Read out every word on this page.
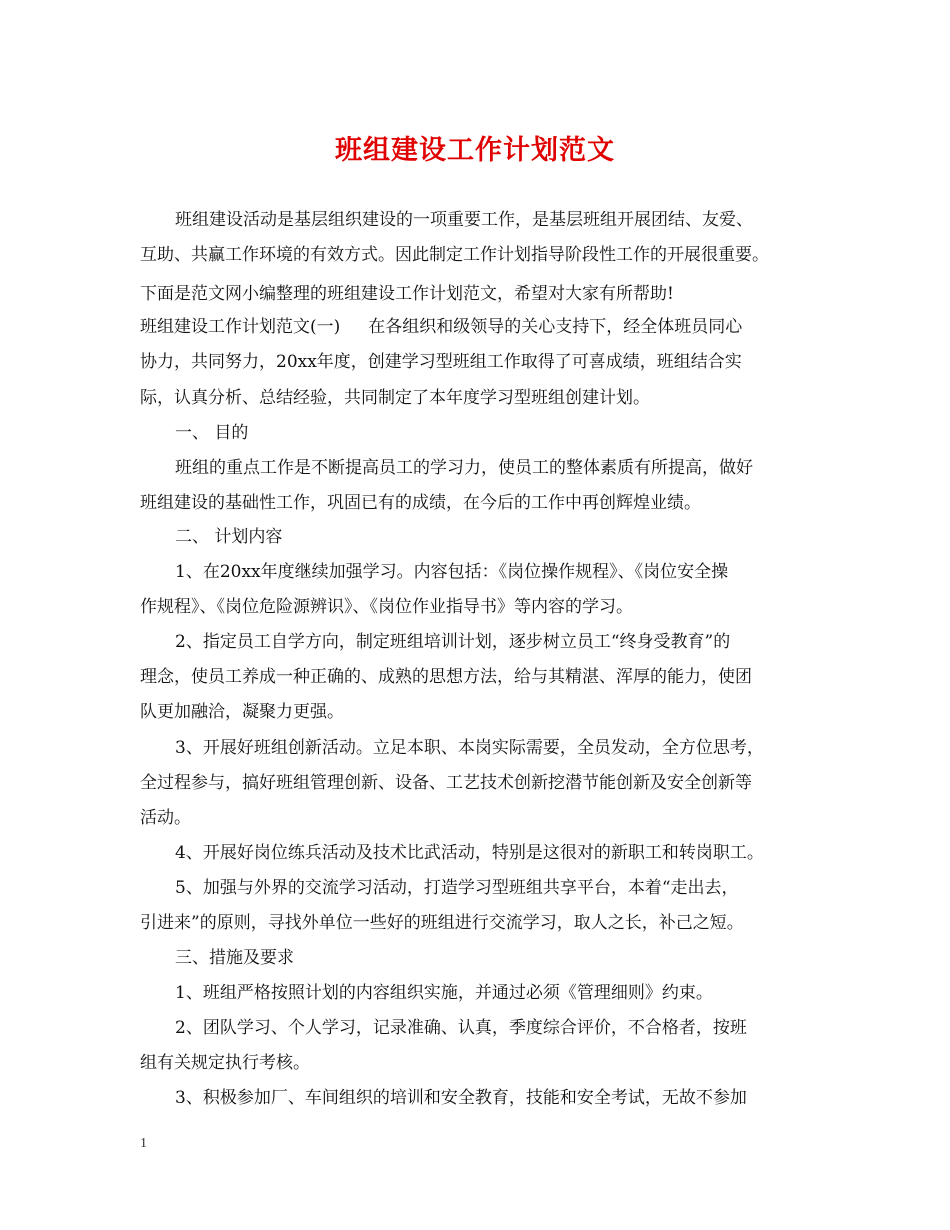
班组建设工作计划范文
班组建设活动是基层组织建设的一项重要工作，是基层班组开展团结、友爱、
互助、共赢工作环境的有效方式。因此制定工作计划指导阶段性工作的开展很重要。
下面是范文网小编整理的班组建设工作计划范文，希望对大家有所帮助!
班组建设工作计划范文(一) 在各组织和级领导的关心支持下，经全体班员同心
协力，共同努力，20xx年度，创建学习型班组工作取得了可喜成绩，班组结合实
际，认真分析、总结经验，共同制定了本年度学习型班组创建计划。
一、 目的
班组的重点工作是不断提高员工的学习力，使员工的整体素质有所提高，做好
班组建设的基础性工作，巩固已有的成绩，在今后的工作中再创辉煌业绩。
二、 计划内容
1、在20xx年度继续加强学习。内容包括：《岗位操作规程》、《岗位安全操
作规程》、《岗位危险源辨识》、《岗位作业指导书》等内容的学习。
2、指定员工自学方向，制定班组培训计划，逐步树立员工“终身受教育”的
理念，使员工养成一种正确的、成熟的思想方法，给与其精湛、浑厚的能力，使团
队更加融洽，凝聚力更强。
3、开展好班组创新活动。立足本职、本岗实际需要，全员发动，全方位思考，
全过程参与，搞好班组管理创新、设备、工艺技术创新挖潜节能创新及安全创新等
活动。
4、开展好岗位练兵活动及技术比武活动，特别是这很对的新职工和转岗职工。
5、加强与外界的交流学习活动，打造学习型班组共享平台，本着“走出去，
引进来”的原则，寻找外单位一些好的班组进行交流学习，取人之长，补己之短。
三、措施及要求
1、班组严格按照计划的内容组织实施，并通过必须《管理细则》约束。
2、团队学习、个人学习，记录准确、认真，季度综合评价，不合格者，按班
组有关规定执行考核。
3、积极参加厂、车间组织的培训和安全教育，技能和安全考试，无故不参加
1
